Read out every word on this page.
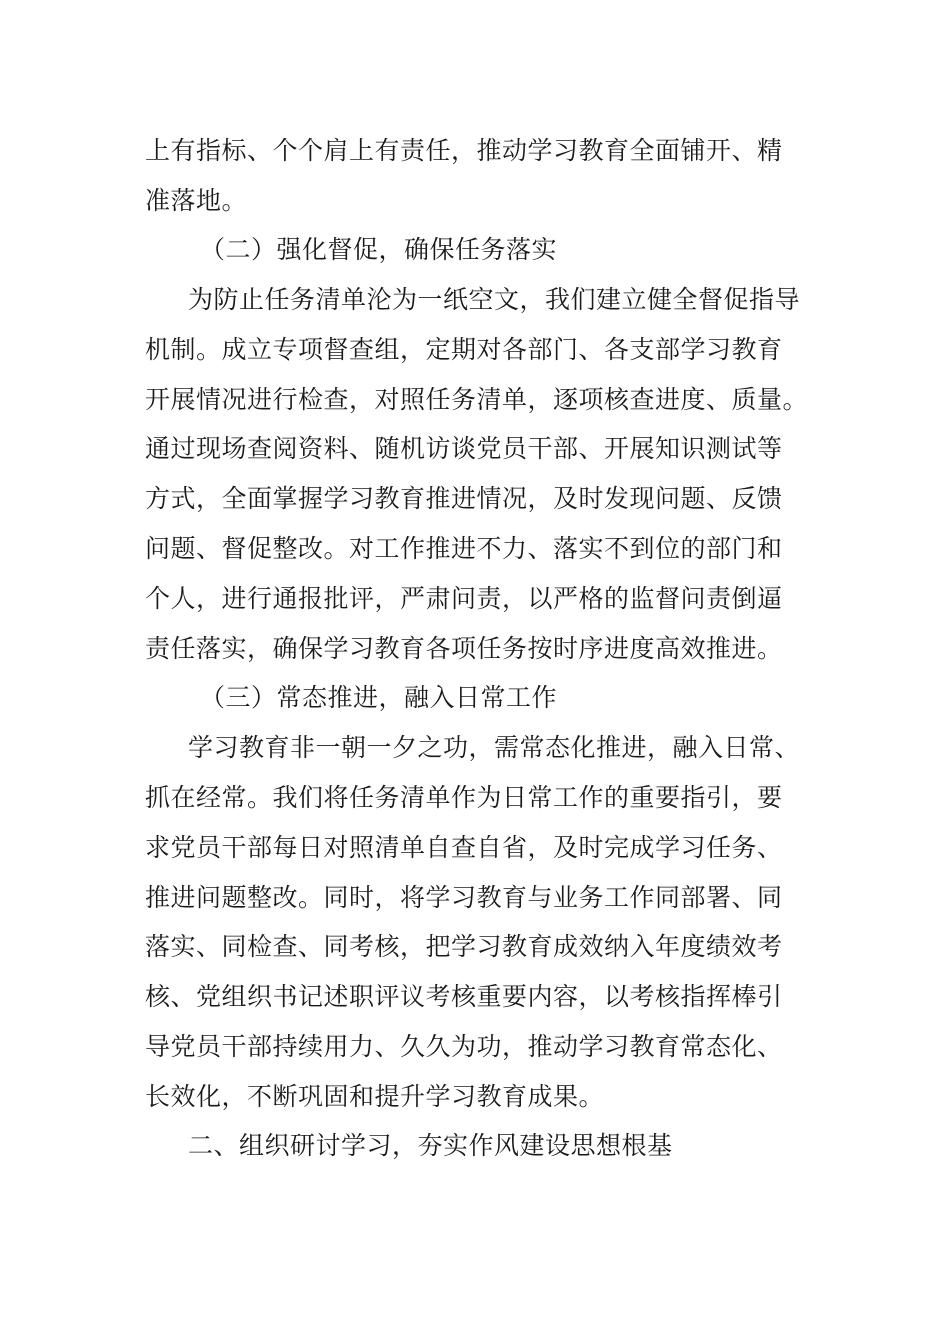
上有指标、个个肩上有责任，推动学习教育全面铺开、精
准落地。
（二）强化督促，确保任务落实
为防止任务清单沦为一纸空文，我们建立健全督促指导
机制。成立专项督查组，定期对各部门、各支部学习教育
开展情况进行检查，对照任务清单，逐项核查进度、质量。
通过现场查阅资料、随机访谈党员干部、开展知识测试等
方式，全面掌握学习教育推进情况，及时发现问题、反馈
问题、督促整改。对工作推进不力、落实不到位的部门和
个人，进行通报批评，严肃问责，以严格的监督问责倒逼
责任落实，确保学习教育各项任务按时序进度高效推进。
（三）常态推进，融入日常工作
学习教育非一朝一夕之功，需常态化推进，融入日常、
抓在经常。我们将任务清单作为日常工作的重要指引，要
求党员干部每日对照清单自查自省，及时完成学习任务、
推进问题整改。同时，将学习教育与业务工作同部署、同
落实、同检查、同考核，把学习教育成效纳入年度绩效考
核、党组织书记述职评议考核重要内容，以考核指挥棒引
导党员干部持续用力、久久为功，推动学习教育常态化、
长效化，不断巩固和提升学习教育成果。
二、组织研讨学习，夯实作风建设思想根基
